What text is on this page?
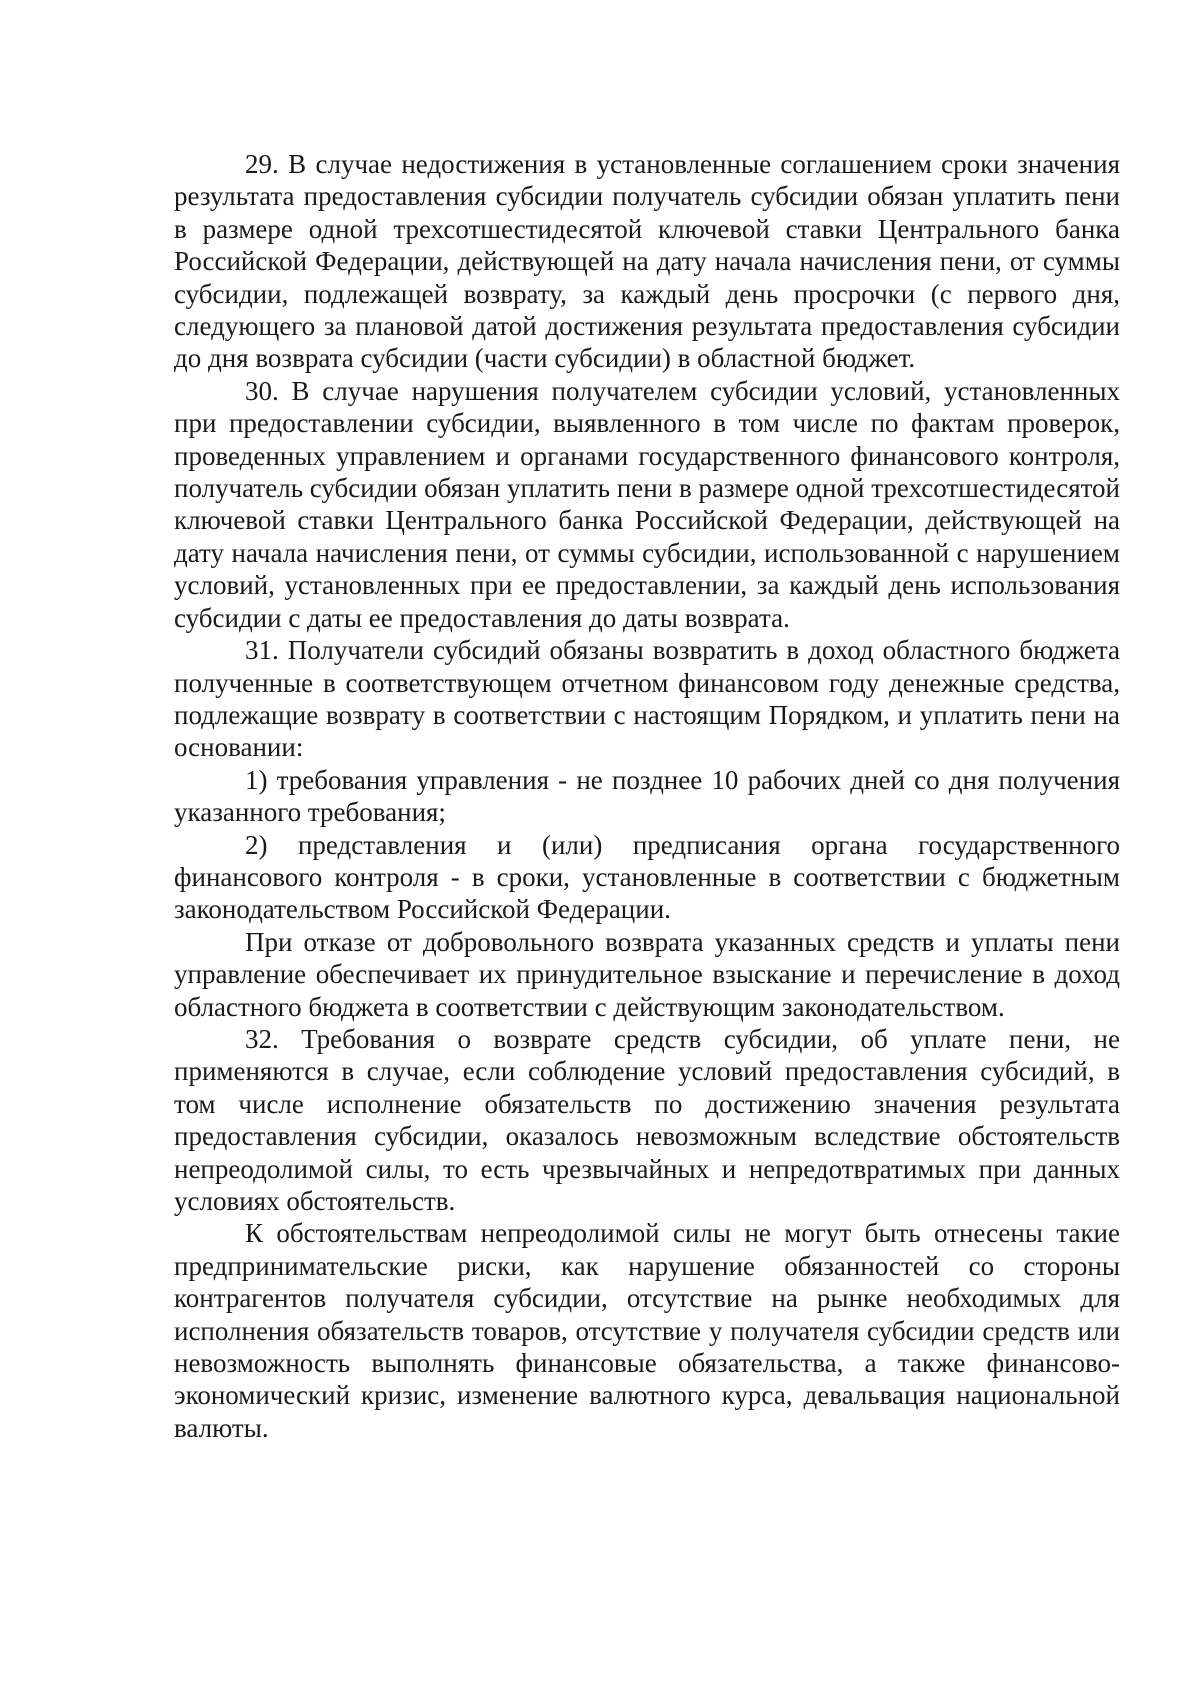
29. В случае недостижения в установленные соглашением сроки значения результата предоставления субсидии получатель субсидии обязан уплатить пени в размере одной трехсотшестидесятой ключевой ставки Центрального банка Российской Федерации, действующей на дату начала начисления пени, от суммы субсидии, подлежащей возврату, за каждый день просрочки (с первого дня, следующего за плановой датой достижения результата предоставления субсидии до дня возврата субсидии (части субсидии) в областной бюджет.

30. В случае нарушения получателем субсидии условий, установленных при предоставлении субсидии, выявленного в том числе по фактам проверок, проведенных управлением и органами государственного финансового контроля, получатель субсидии обязан уплатить пени в размере одной трехсотшестидесятой ключевой ставки Центрального банка Российской Федерации, действующей на дату начала начисления пени, от суммы субсидии, использованной с нарушением условий, установленных при ее предоставлении, за каждый день использования субсидии с даты ее предоставления до даты возврата.

31. Получатели субсидий обязаны возвратить в доход областного бюджета полученные в соответствующем отчетном финансовом году денежные средства, подлежащие возврату в соответствии с настоящим Порядком, и уплатить пени на основании:

1) требования управления - не позднее 10 рабочих дней со дня получения указанного требования;

2) представления и (или) предписания органа государственного финансового контроля - в сроки, установленные в соответствии с бюджетным законодательством Российской Федерации.

При отказе от добровольного возврата указанных средств и уплаты пени управление обеспечивает их принудительное взыскание и перечисление в доход областного бюджета в соответствии с действующим законодательством.

32. Требования о возврате средств субсидии, об уплате пени, не применяются в случае, если соблюдение условий предоставления субсидий, в том числе исполнение обязательств по достижению значения результата предоставления субсидии, оказалось невозможным вследствие обстоятельств непреодолимой силы, то есть чрезвычайных и непредотвратимых при данных условиях обстоятельств.

К обстоятельствам непреодолимой силы не могут быть отнесены такие предпринимательские риски, как нарушение обязанностей со стороны контрагентов получателя субсидии, отсутствие на рынке необходимых для исполнения обязательств товаров, отсутствие у получателя субсидии средств или невозможность выполнять финансовые обязательства, а также финансово-экономический кризис, изменение валютного курса, девальвация национальной валюты.
